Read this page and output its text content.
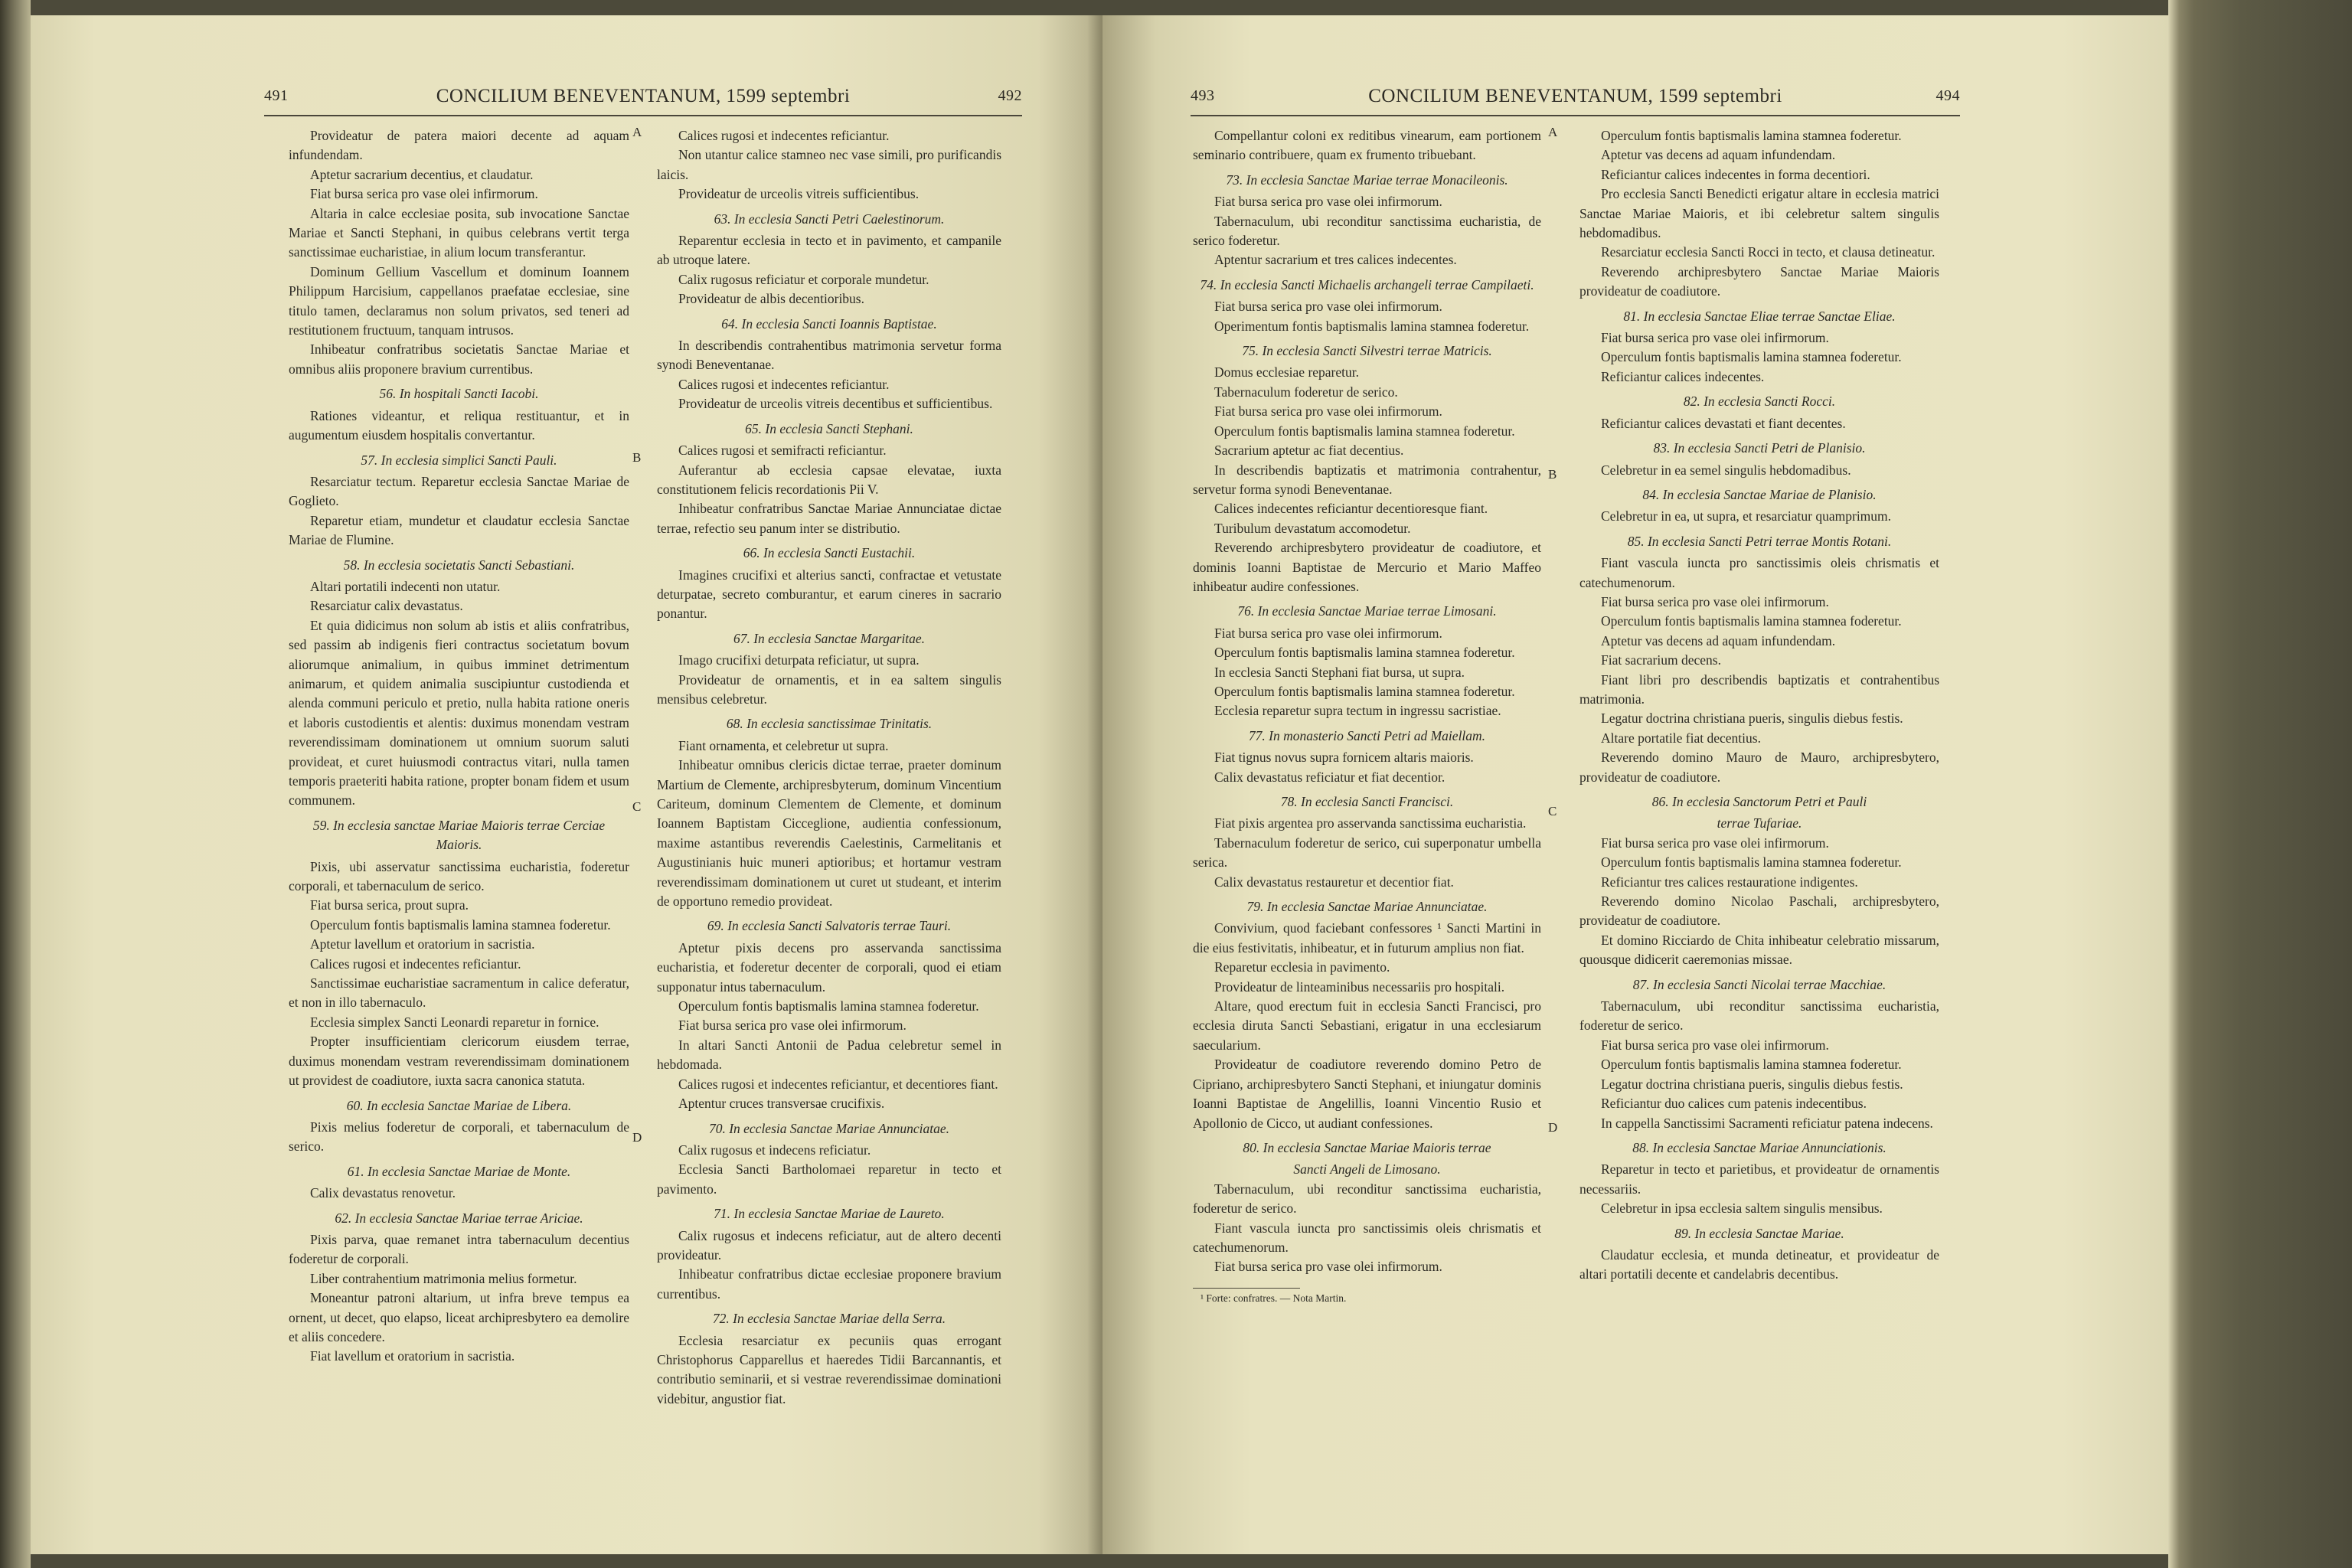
491	CONCILIUM BENEVENTANUM, 1599 septembri	492

Provideatur de patera maiori decente ad aquam infundendam.

Aptetur sacrarium decentius, et claudatur.

Fiat bursa serica pro vase olei infirmorum.

Altaria in calce ecclesiae posita, sub invocatione Sanctae Mariae et Sancti Stephani, in quibus celebrans vertit terga sanctissimae eucharistiae, in alium locum transferantur.

Dominum Gellium Vascellum et dominum Ioannem Philippum Harcisium, cappellanos praefatae ecclesiae, sine titulo tamen, declaramus non solum privatos, sed teneri ad restitutionem fructuum, tanquam intrusos.

Inhibeatur confratribus societatis Sanctae Mariae et omnibus aliis proponere bravium currentibus.

56. In hospitali Sancti Iacobi.

Rationes videantur, et reliqua restituantur, et in augumentum eiusdem hospitalis convertantur.

57. In ecclesia simplici Sancti Pauli.

Resarciatur tectum. Reparetur ecclesia Sanctae Mariae de Goglieto.

Reparetur etiam, mundetur et claudatur ecclesia Sanctae Mariae de Flumine.

58. In ecclesia societatis Sancti Sebastiani.

Altari portatili indecenti non utatur.

Resarciatur calix devastatus.

Et quia didicimus non solum ab istis et aliis confratribus, sed passim ab indigenis fieri contractus societatum bovum aliorumque animalium, in quibus imminet detrimentum animarum, et quidem animalia suscipiuntur custodienda et alenda communi periculo et pretio, nulla habita ratione oneris et laboris custodientis et alentis: duximus monendam vestram reverendissimam dominationem ut omnium suorum saluti provideat, et curet huiusmodi contractus vitari, nulla tamen temporis praeteriti habita ratione, propter bonam fidem et usum communem.

59. In ecclesia sanctae Mariae Maioris terrae Cerciae Maioris.

Pixis, ubi asservatur sanctissima eucharistia, foderetur corporali, et tabernaculum de serico.

Fiat bursa serica, prout supra.

Operculum fontis baptismalis lamina stamnea foderetur.

Aptetur lavellum et oratorium in sacristia.

Calices rugosi et indecentes reficiantur.

Sanctissimae eucharistiae sacramentum in calice deferatur, et non in illo tabernaculo.

Ecclesia simplex Sancti Leonardi reparetur in fornice.

Propter insufficientiam clericorum eiusdem terrae, duximus monendam vestram reverendissimam dominationem ut providest de coadiutore, iuxta sacra canonica statuta.

60. In ecclesia Sanctae Mariae de Libera.

Pixis melius foderetur de corporali, et tabernaculum de serico.

61. In ecclesia Sanctae Mariae de Monte.

Calix devastatus renovetur.

62. In ecclesia Sanctae Mariae terrae Ariciae.

Pixis parva, quae remanet intra tabernaculum decentius foderetur de corporali.

Liber contrahentium matrimonia melius formetur.

Moneantur patroni altarium, ut infra breve tempus ea ornent, ut decet, quo elapso, liceat archipresbytero ea demolire et aliis concedere.

Fiat lavellum et oratorium in sacristia.

Calices rugosi et indecentes reficiantur.

Non utantur calice stamneo nec vase simili, pro purificandis laicis.

Provideatur de urceolis vitreis sufficientibus.

63. In ecclesia Sancti Petri Caelestinorum.

Reparentur ecclesia in tecto et in pavimento, et campanile ab utroque latere.

Calix rugosus reficiatur et corporale mundetur.

Provideatur de albis decentioribus.

64. In ecclesia Sancti Ioannis Baptistae.

In describendis contrahentibus matrimonia servetur forma synodi Beneventanae.

Calices rugosi et indecentes reficiantur.

Provideatur de urceolis vitreis decentibus et sufficientibus.

65. In ecclesia Sancti Stephani.

Calices rugosi et semifracti reficiantur.

Auferantur ab ecclesia capsae elevatae, iuxta constitutionem felicis recordationis Pii V.

Inhibeatur confratribus Sanctae Mariae Annunciatae dictae terrae, refectio seu panum inter se distributio.

66. In ecclesia Sancti Eustachii.

Imagines crucifixi et alterius sancti, confractae et vetustate deturpatae, secreto comburantur, et earum cineres in sacrario ponantur.

67. In ecclesia Sanctae Margaritae.

Imago crucifixi deturpata reficiatur, ut supra.

Provideatur de ornamentis, et in ea saltem singulis mensibus celebretur.

68. In ecclesia sanctissimae Trinitatis.

Fiant ornamenta, et celebretur ut supra.

Inhibeatur omnibus clericis dictae terrae, praeter dominum Martium de Clemente, archipresbyterum, dominum Vincentium Cariteum, dominum Clementem de Clemente, et dominum Ioannem Baptistam Cicceglione, audientia confessionum, maxime astantibus reverendis Caelestinis, Carmelitanis et Augustinianis huic muneri aptioribus; et hortamur vestram reverendissimam dominationem ut curet ut studeant, et interim de opportuno remedio provideat.

69. In ecclesia Sancti Salvatoris terrae Tauri.

Aptetur pixis decens pro asservanda sanctissima eucharistia, et foderetur decenter de corporali, quod ei etiam supponatur intus tabernaculum.

Operculum fontis baptismalis lamina stamnea foderetur.

Fiat bursa serica pro vase olei infirmorum.

In altari Sancti Antonii de Padua celebretur semel in hebdomada.

Calices rugosi et indecentes reficiantur, et decentiores fiant.

Aptentur cruces transversae crucifixis.

70. In ecclesia Sanctae Mariae Annunciatae.

Calix rugosus et indecens reficiatur.

Ecclesia Sancti Bartholomaei reparetur in tecto et pavimento.

71. In ecclesia Sanctae Mariae de Laureto.

Calix rugosus et indecens reficiatur, aut de altero decenti provideatur.

Inhibeatur confratribus dictae ecclesiae proponere bravium currentibus.

72. In ecclesia Sanctae Mariae della Serra.

Ecclesia resarciatur ex pecuniis quas errogant Christophorus Capparellus et haeredes Tidii Barcannantis, et contributio seminarii, et si vestrae reverendissimae dominationi videbitur, angustior fiat.

A
B
C
D
493	CONCILIUM BENEVENTANUM, 1599 septembri	494

Compellantur coloni ex reditibus vinearum, eam portionem seminario contribuere, quam ex frumento tribuebant.

73. In ecclesia Sanctae Mariae terrae Monacileonis.

Fiat bursa serica pro vase olei infirmorum.

Tabernaculum, ubi reconditur sanctissima eucharistia, de serico foderetur.

Aptentur sacrarium et tres calices indecentes.

74. In ecclesia Sancti Michaelis archangeli terrae Campilaeti.

Fiat bursa serica pro vase olei infirmorum.

Operimentum fontis baptismalis lamina stamnea foderetur.

75. In ecclesia Sancti Silvestri terrae Matricis.

Domus ecclesiae reparetur.

Tabernaculum foderetur de serico.

Fiat bursa serica pro vase olei infirmorum.

Operculum fontis baptismalis lamina stamnea foderetur.

Sacrarium aptetur ac fiat decentius.

In describendis baptizatis et matrimonia contrahentur, servetur forma synodi Beneventanae.

Calices indecentes reficiantur decentioresque fiant.

Turibulum devastatum accomodetur.

Reverendo archipresbytero provideatur de coadiutore, et dominis Ioanni Baptistae de Mercurio et Mario Maffeo inhibeatur audire confessiones.

76. In ecclesia Sanctae Mariae terrae Limosani.

Fiat bursa serica pro vase olei infirmorum.

Operculum fontis baptismalis lamina stamnea foderetur.

In ecclesia Sancti Stephani fiat bursa, ut supra.

Operculum fontis baptismalis lamina stamnea foderetur.

Ecclesia reparetur supra tectum in ingressu sacristiae.

77. In monasterio Sancti Petri ad Maiellam.

Fiat tignus novus supra fornicem altaris maioris.

Calix devastatus reficiatur et fiat decentior.

78. In ecclesia Sancti Francisci.

Fiat pixis argentea pro asservanda sanctissima eucharistia.

Tabernaculum foderetur de serico, cui superponatur umbella serica.

Calix devastatus restauretur et decentior fiat.

79. In ecclesia Sanctae Mariae Annunciatae.

Convivium, quod faciebant confessores ¹ Sancti Martini in die eius festivitatis, inhibeatur, et in futurum amplius non fiat.

Reparetur ecclesia in pavimento.

Provideatur de linteaminibus necessariis pro hospitali.

Altare, quod erectum fuit in ecclesia Sancti Francisci, pro ecclesia diruta Sancti Sebastiani, erigatur in una ecclesiarum saecularium.

Provideatur de coadiutore reverendo domino Petro de Cipriano, archipresbytero Sancti Stephani, et iniungatur dominis Ioanni Baptistae de Angelillis, Ioanni Vincentio Rusio et Apollonio de Cicco, ut audiant confessiones.

80. In ecclesia Sanctae Mariae Maioris terrae

Sancti Angeli de Limosano.

Tabernaculum, ubi reconditur sanctissima eucharistia, foderetur de serico.

Fiant vascula iuncta pro sanctissimis oleis chrismatis et catechumenorum.

Fiat bursa serica pro vase olei infirmorum.

¹ Forte: confratres. — Nota Martin.

Operculum fontis baptismalis lamina stamnea foderetur.

Aptetur vas decens ad aquam infundendam.

Reficiantur calices indecentes in forma decentiori.

Pro ecclesia Sancti Benedicti erigatur altare in ecclesia matrici Sanctae Mariae Maioris, et ibi celebretur saltem singulis hebdomadibus.

Resarciatur ecclesia Sancti Rocci in tecto, et clausa detineatur.

Reverendo archipresbytero Sanctae Mariae Maioris provideatur de coadiutore.

81. In ecclesia Sanctae Eliae terrae Sanctae Eliae.

Fiat bursa serica pro vase olei infirmorum.

Operculum fontis baptismalis lamina stamnea foderetur.

Reficiantur calices indecentes.

82. In ecclesia Sancti Rocci.

Reficiantur calices devastati et fiant decentes.

83. In ecclesia Sancti Petri de Planisio.

Celebretur in ea semel singulis hebdomadibus.

84. In ecclesia Sanctae Mariae de Planisio.

Celebretur in ea, ut supra, et resarciatur quamprimum.

85. In ecclesia Sancti Petri terrae Montis Rotani.

Fiant vascula iuncta pro sanctissimis oleis chrismatis et catechumenorum.

Fiat bursa serica pro vase olei infirmorum.

Operculum fontis baptismalis lamina stamnea foderetur.

Aptetur vas decens ad aquam infundendam.

Fiat sacrarium decens.

Fiant libri pro describendis baptizatis et contrahentibus matrimonia.

Legatur doctrina christiana pueris, singulis diebus festis.

Altare portatile fiat decentius.

Reverendo domino Mauro de Mauro, archipresbytero, provideatur de coadiutore.

86. In ecclesia Sanctorum Petri et Pauli

terrae Tufariae.

Fiat bursa serica pro vase olei infirmorum.

Operculum fontis baptismalis lamina stamnea foderetur.

Reficiantur tres calices restauratione indigentes.

Reverendo domino Nicolao Paschali, archipresbytero, provideatur de coadiutore.

Et domino Ricciardo de Chita inhibeatur celebratio missarum, quousque didicerit caeremonias missae.

87. In ecclesia Sancti Nicolai terrae Macchiae.

Tabernaculum, ubi reconditur sanctissima eucharistia, foderetur de serico.

Fiat bursa serica pro vase olei infirmorum.

Operculum fontis baptismalis lamina stamnea foderetur.

Legatur doctrina christiana pueris, singulis diebus festis.

Reficiantur duo calices cum patenis indecentibus.

In cappella Sanctissimi Sacramenti reficiatur patena indecens.

88. In ecclesia Sanctae Mariae Annunciationis.

Reparetur in tecto et parietibus, et provideatur de ornamentis necessariis.

Celebretur in ipsa ecclesia saltem singulis mensibus.

89. In ecclesia Sanctae Mariae.

Claudatur ecclesia, et munda detineatur, et provideatur de altari portatili decente et candelabris decentibus.

A
B
C
D
